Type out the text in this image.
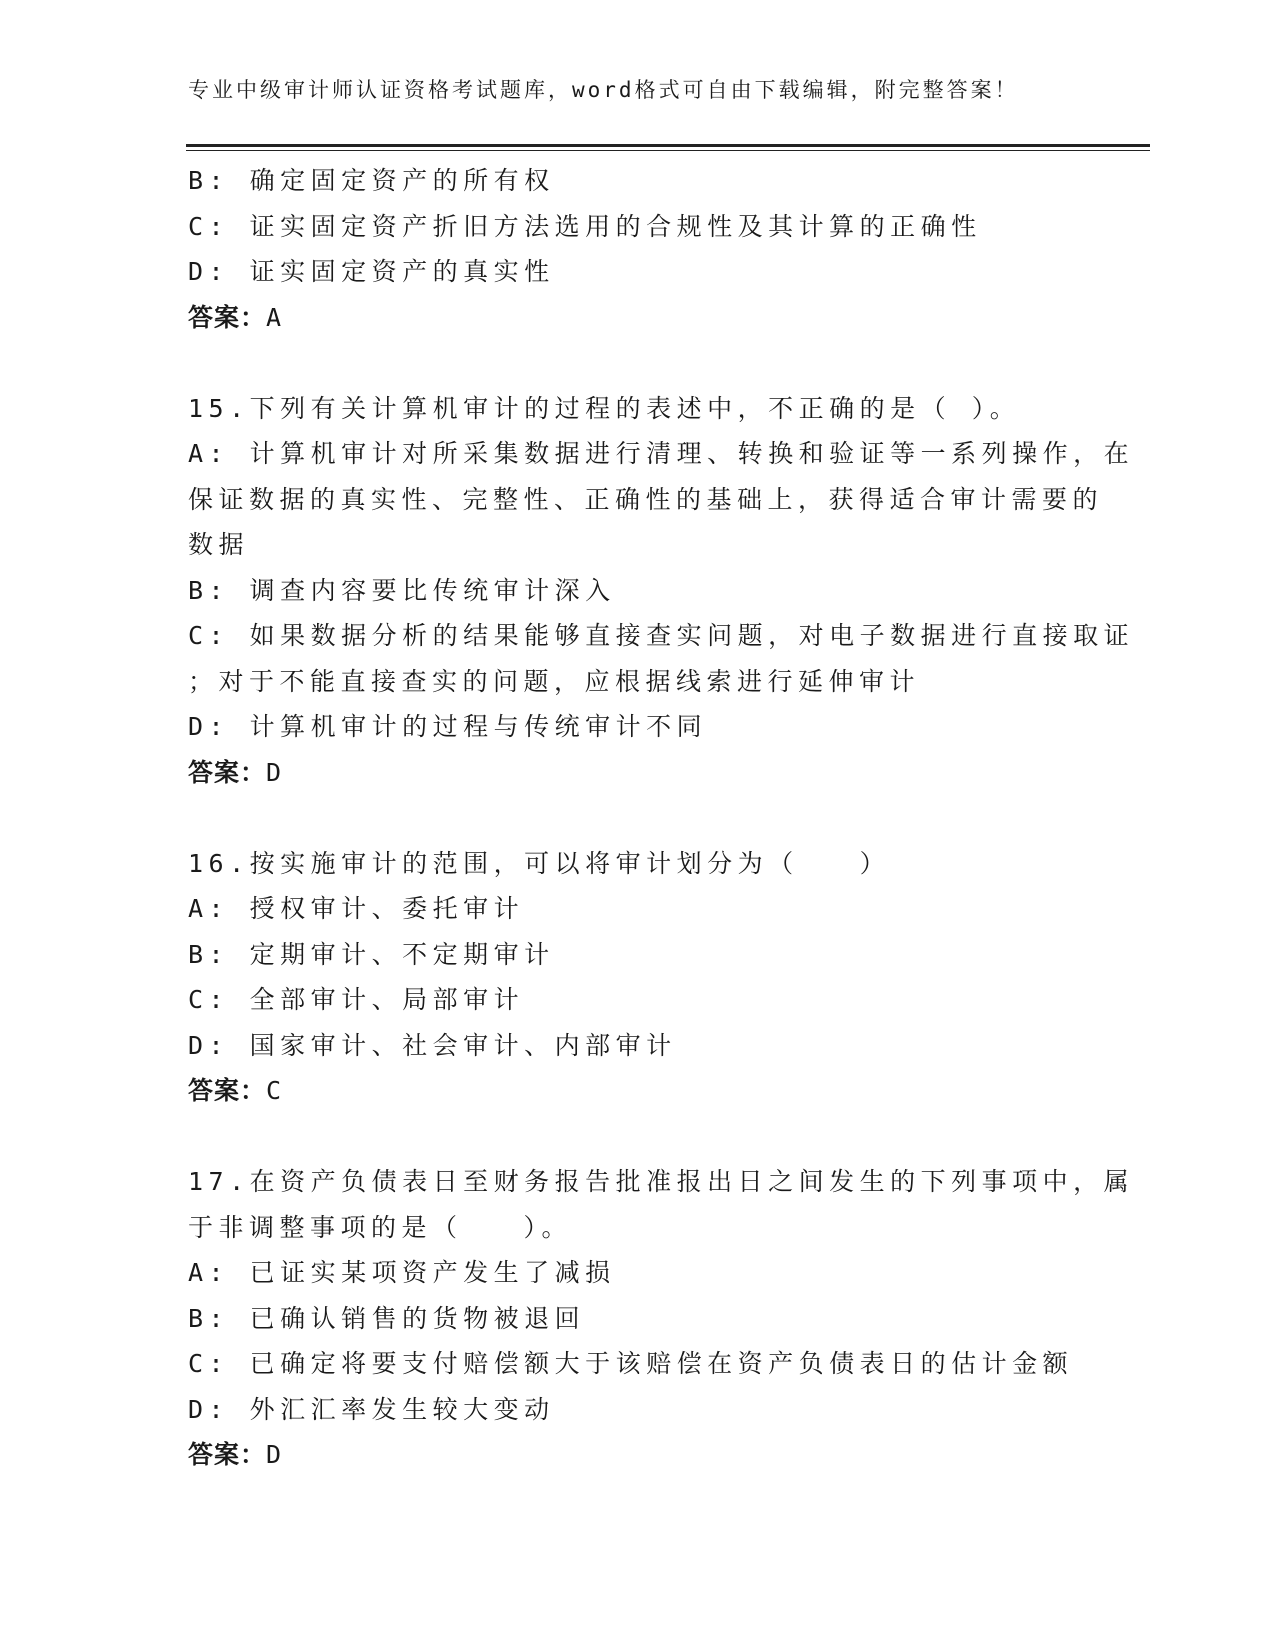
专业中级审计师认证资格考试题库，word格式可自由下载编辑，附完整答案！
B: 确定固定资产的所有权
C: 证实固定资产折旧方法选用的合规性及其计算的正确性
D: 证实固定资产的真实性
答案：A
15.下列有关计算机审计的过程的表述中，不正确的是（ ）。
A: 计算机审计对所采集数据进行清理、转换和验证等一系列操作，在
保证数据的真实性、完整性、正确性的基础上，获得适合审计需要的
数据
B: 调查内容要比传统审计深入
C: 如果数据分析的结果能够直接查实问题，对电子数据进行直接取证
；对于不能直接查实的问题，应根据线索进行延伸审计
D: 计算机审计的过程与传统审计不同
答案：D
16.按实施审计的范围，可以将审计划分为（　　）
A: 授权审计、委托审计
B: 定期审计、不定期审计
C: 全部审计、局部审计
D: 国家审计、社会审计、内部审计
答案：C
17.在资产负债表日至财务报告批准报出日之间发生的下列事项中，属
于非调整事项的是（　　）。
A: 已证实某项资产发生了减损
B: 已确认销售的货物被退回
C: 已确定将要支付赔偿额大于该赔偿在资产负债表日的估计金额
D: 外汇汇率发生较大变动
答案：D
